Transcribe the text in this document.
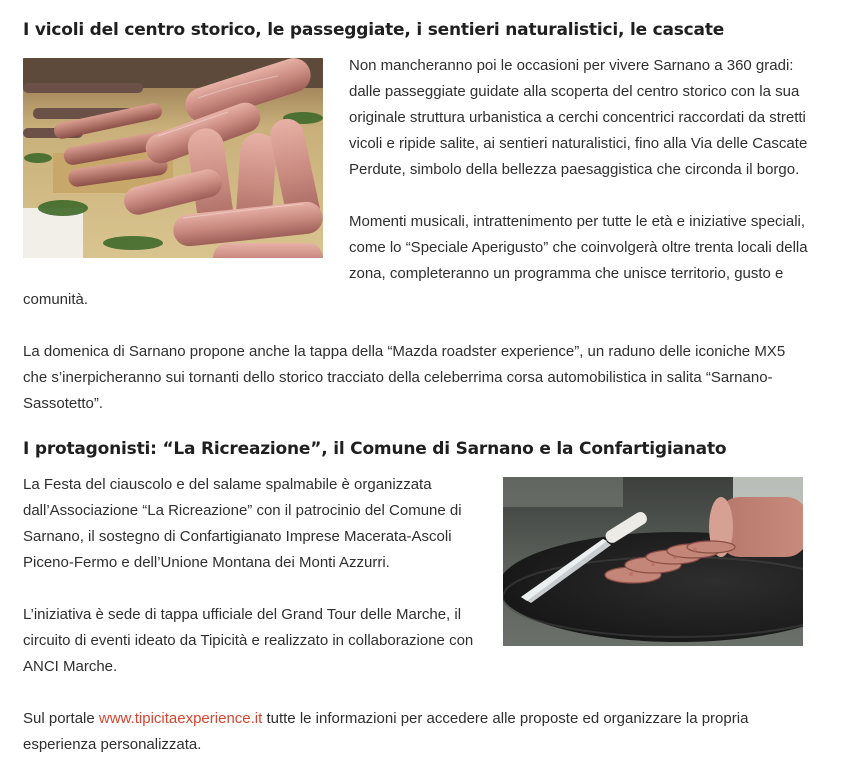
I vicoli del centro storico, le passeggiate, i sentieri naturalistici, le cascate

Non mancheranno poi le occasioni per vivere Sarnano a 360 gradi: dalle passeggiate guidate alla scoperta del centro storico con la sua originale struttura urbanistica a cerchi concentrici raccordati da stretti vicoli e ripide salite, ai sentieri naturalistici, fino alla Via delle Cascate Perdute, simbolo della bellezza paesaggistica che circonda il borgo.

Momenti musicali, intrattenimento per tutte le età e iniziative speciali, come lo “Speciale Aperigusto” che coinvolgerà oltre trenta locali della zona, completeranno un programma che unisce territorio, gusto e comunità.

La domenica di Sarnano propone anche la tappa della “Mazda roadster experience”, un raduno delle iconiche MX5 che s’inerpicheranno sui tornanti dello storico tracciato della celeberrima corsa automobilistica in salita “Sarnano-Sassotetto”.

I protagonisti: “La Ricreazione”, il Comune di Sarnano e la Confartigianato

La Festa del ciauscolo e del salame spalmabile è organizzata dall’Associazione “La Ricreazione” con il patrocinio del Comune di Sarnano, il sostegno di Confartigianato Imprese Macerata-Ascoli Piceno-Fermo e dell’Unione Montana dei Monti Azzurri.

L’iniziativa è sede di tappa ufficiale del Grand Tour delle Marche, il circuito di eventi ideato da Tipicità e realizzato in collaborazione con ANCI Marche.

Sul portale www.tipicitaexperience.it tutte le informazioni per accedere alle proposte ed organizzare la propria esperienza personalizzata.
